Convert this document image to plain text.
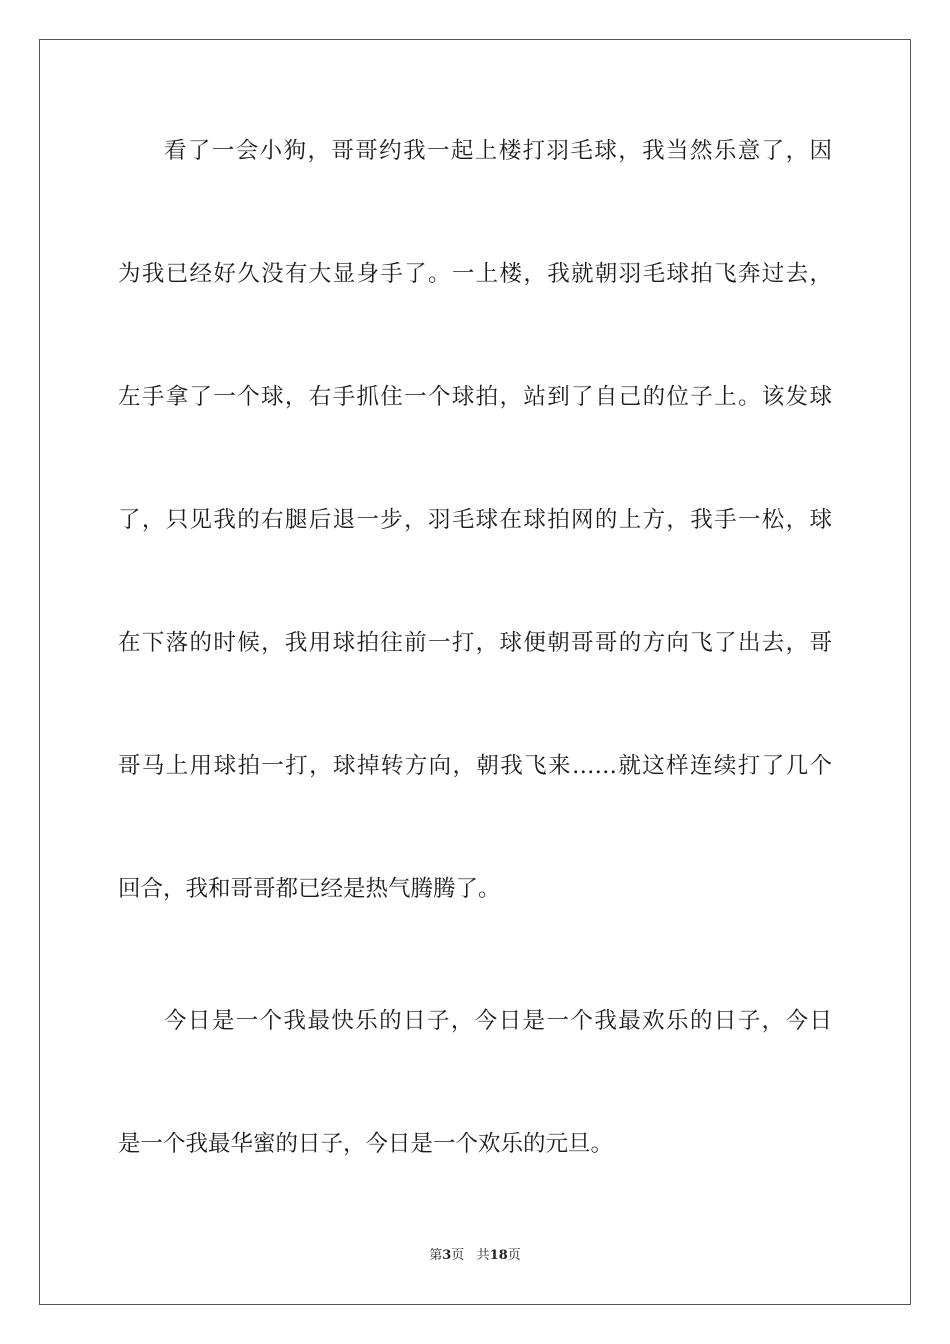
看了一会小狗，哥哥约我一起上楼打羽毛球，我当然乐意了，因
为我已经好久没有大显身手了。一上楼，我就朝羽毛球拍飞奔过去，
左手拿了一个球，右手抓住一个球拍，站到了自己的位子上。该发球
了，只见我的右腿后退一步，羽毛球在球拍网的上方，我手一松，球
在下落的时候，我用球拍往前一打，球便朝哥哥的方向飞了出去，哥
哥马上用球拍一打，球掉转方向，朝我飞来……就这样连续打了几个
回合，我和哥哥都已经是热气腾腾了。
今日是一个我最快乐的日子，今日是一个我最欢乐的日子，今日
是一个我最华蜜的日子，今日是一个欢乐的元旦。
第3页 共18页
